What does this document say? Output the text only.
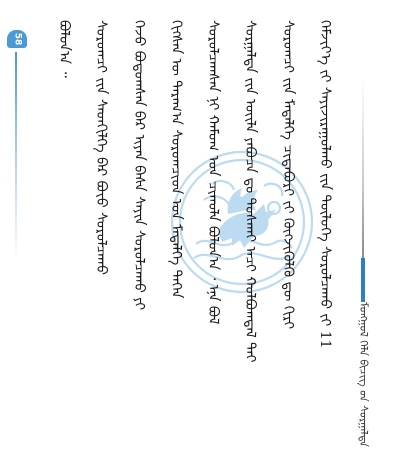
58 ᠪᠣᠯᠤᠨ᠎ᠠ ᠃ ᠰᠤᠷᠤᠭᠴᠢ ᠶ᠋ᠢᠨ ᠰᠡᠳᠬᠢᠯᠭᠡ ᠪᠡᠷ ᠪᠤᠶ᠋ᠤ ᠰᠤᠷᠤᠯᠴᠠᠬᠤ ᠭᠡᠵᠦ ᠪᠣᠳᠣᠭᠰᠠᠨ ᠪᠡᠷ ᠢᠶᠡᠨ ᠪᠠᠰᠠ ᠰᠠᠶᠢᠨ ᠰᠤᠷᠤᠯᠴᠠᠬᠤ ᠶᠢ ᠬᠢᠭᠰᠡᠨ ᠦ ᠳᠠᠷᠠᠭ᠎ᠠ ᠰᠤᠷᠤᠭᠴᠢᠳ ᠤᠨ ᠮᠡᠳᠡᠯᠭᠡ ᠳᠡᠭᠡᠨ ᠰᠤᠷᠤᠯᠴᠠᠭᠰᠠᠨ ᠨᠢ ᠬᠠᠮᠤᠭ ᠤᠨ ᠴᠢᠬᠤᠯᠠ ᠪᠣᠯᠤᠨ᠎ᠠ ᠂ ᠡᠨᠡ ᠪᠣᠯ ᠰᠤᠷᠭᠠᠯᠲᠠ ᠶ᠋ᠢᠨ ᠦᠢᠯᠡ ᠶᠠᠪᠤᠴᠠ ᠳᠤ ᠲᠤᠰᠬᠠᠢ ᠠᠴᠢ ᠬᠣᠯᠪᠣᠭᠳᠠᠯ ᠲᠠᠢ ᠰᠤᠷᠤᠭᠴᠢ ᠶ᠋ᠢᠨ ᠮᠡᠳᠡᠯᠭᠡ ᠴᠢᠳᠠᠪᠤᠷᠢ ᠶ᠋ᠢ ᠬᠥᠭᠵᠢᠭᠦᠯᠬᠦ ᠳᠦ ᠬᠢᠷᠢ ᠬᠡᠮᠵᠢᠶ᠎ᠡ ᠶ᠋ᠢ ᠰᠠᠶᠢᠵᠢᠷᠠᠭᠤᠯᠬᠤ ᠶ᠋ᠢᠨ ᠲᠥᠯᠥᠭᠡ ᠰᠤᠷᠤᠯᠴᠠᠬᠤ ᠶ᠋ᠢ 11
ᠮᠣᠩᠭᠣᠯ ᠬᠡᠯᠡ ᠪᠢᠴᠢᠭ᠌ ᠤ᠋ᠨ ᠰᠤᠷᠭᠠᠯᠲᠠ
